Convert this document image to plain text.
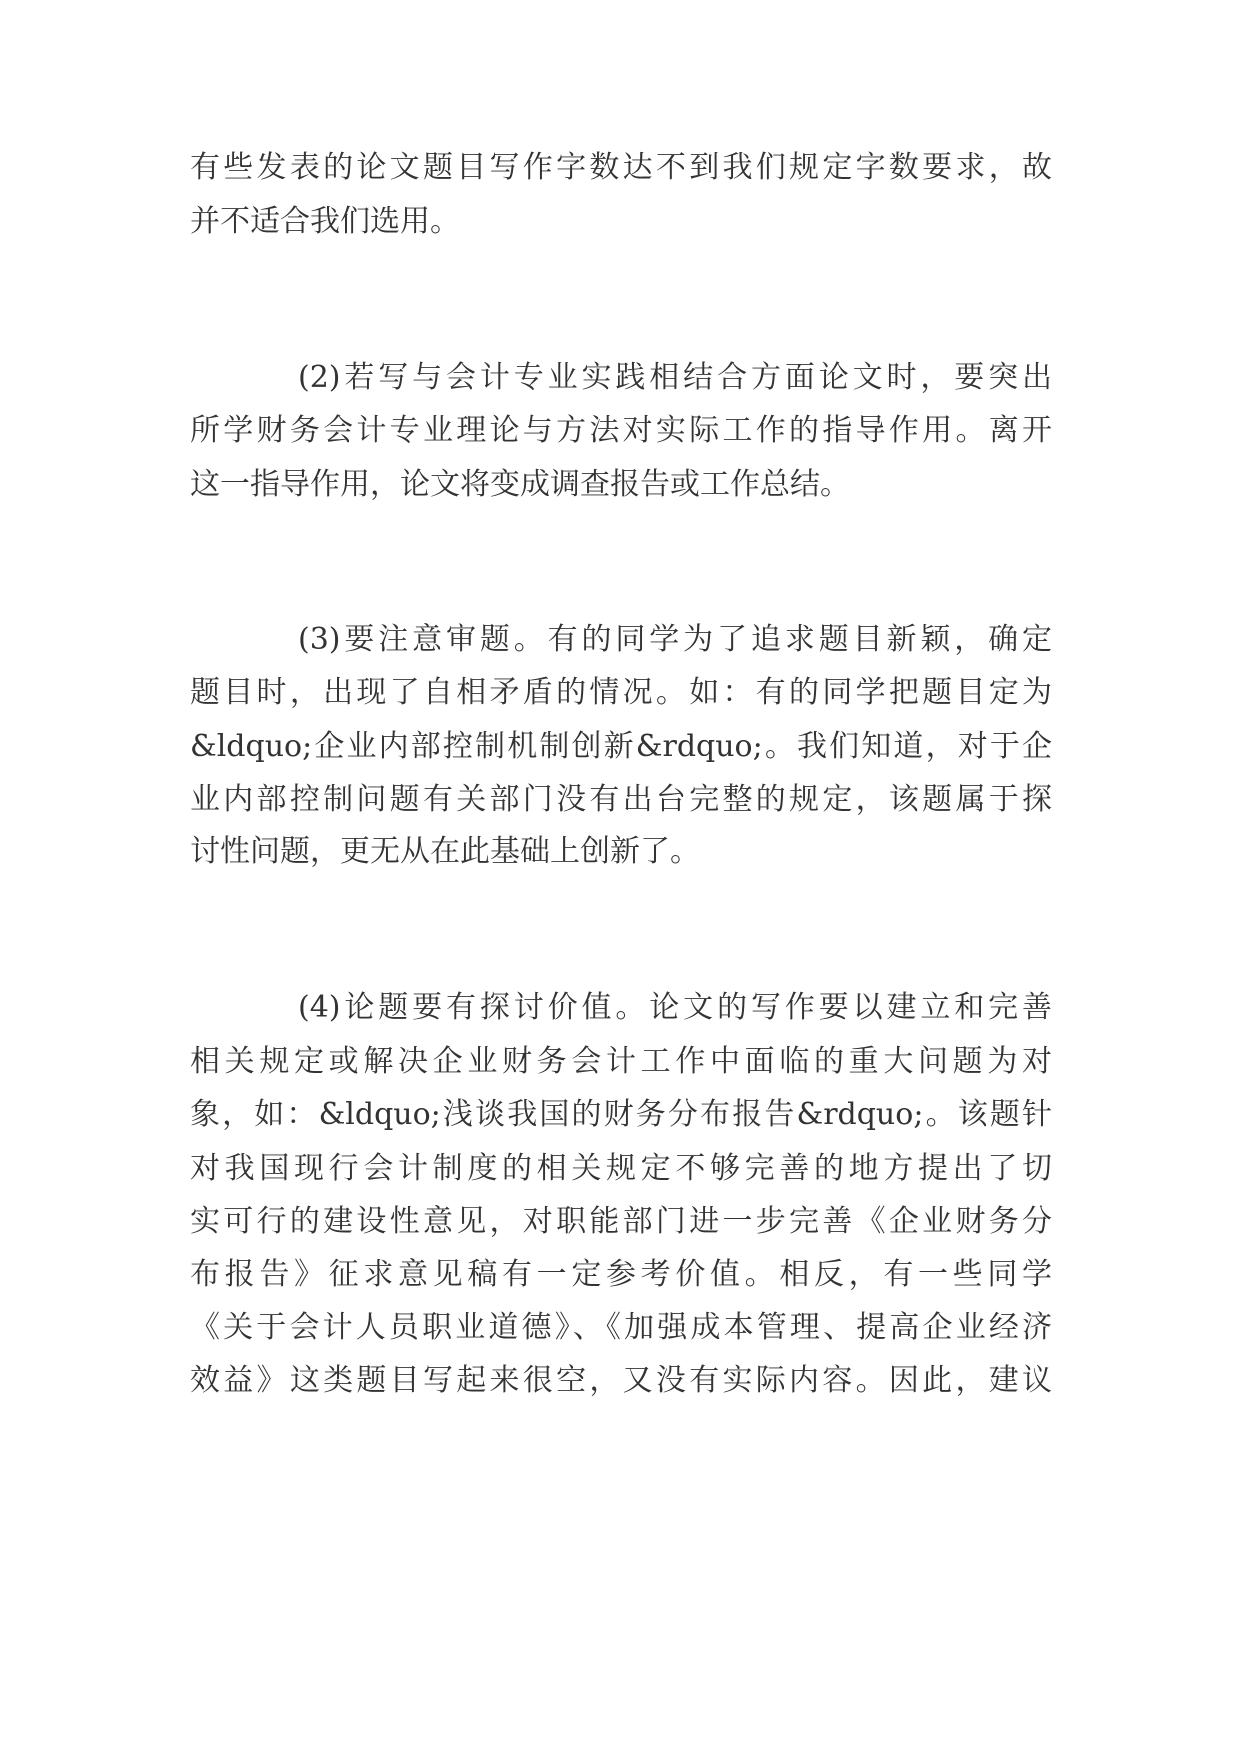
有些发表的论文题目写作字数达不到我们规定字数要求，故

并不适合我们选用。

(2)若写与会计专业实践相结合方面论文时，要突出

所学财务会计专业理论与方法对实际工作的指导作用。离开

这一指导作用，论文将变成调查报告或工作总结。

(3)要注意审题。有的同学为了追求题目新颖，确定

题目时，出现了自相矛盾的情况。如：有的同学把题目定为

&ldquo;企业内部控制机制创新&rdquo;。我们知道，对于企

业内部控制问题有关部门没有出台完整的规定，该题属于探

讨性问题，更无从在此基础上创新了。

(4)论题要有探讨价值。论文的写作要以建立和完善

相关规定或解决企业财务会计工作中面临的重大问题为对

象，如：&ldquo;浅谈我国的财务分布报告&rdquo;。该题针

对我国现行会计制度的相关规定不够完善的地方提出了切

实可行的建设性意见，对职能部门进一步完善《企业财务分

布报告》征求意见稿有一定参考价值。相反，有一些同学

《关于会计人员职业道德》、《加强成本管理、提高企业经济

效益》这类题目写起来很空，又没有实际内容。因此，建议
